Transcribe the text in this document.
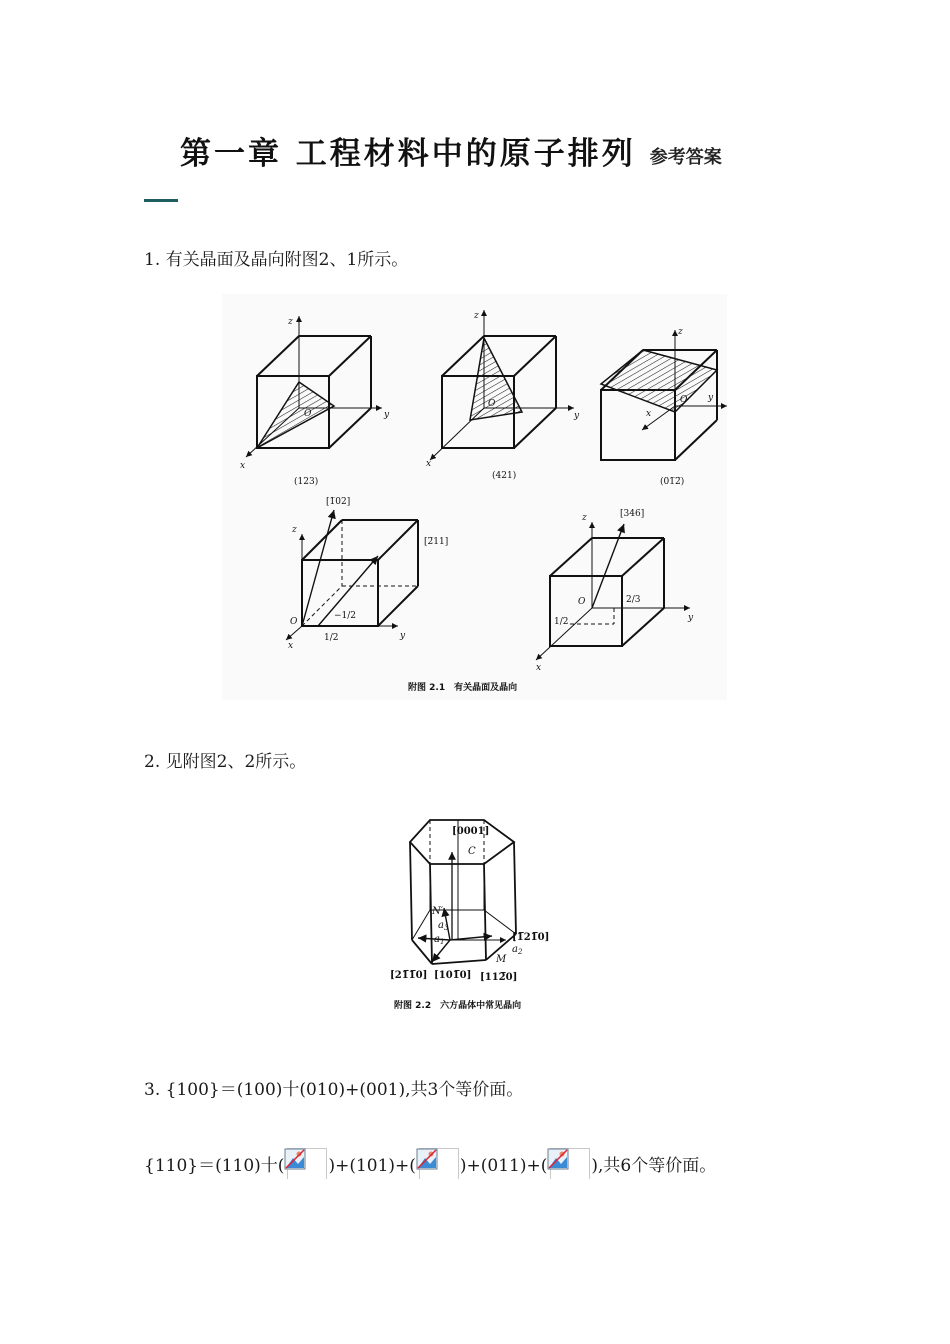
第一章 工程材料中的原子排列 参考答案
1. 有关晶面及晶向附图2、1所示。
z
y
x
O
z
y
x
O
z
y
x
O
z
y
x
O
z
y
x
O
(123)
(421)
(01̅2̅)
[1̅02]
[2̅11]
[346]
1/2
−1/2
2/3
1/2
附图 2.1　有关晶面及晶向
2. 见附图2、2所示。
[0001]
[1̅21̅0]
[21̅1̅0] [101̅0] [112̅0]
C
N′
M
$a_1$
$a_2$
$a_3$
附图 2.2　六方晶体中常见晶向
3. {100}＝(100)十(010)+(001),共3个等价面。
{110}＝(110)十(	)+(101)+(	)+(011)+(	),共6个等价面。
